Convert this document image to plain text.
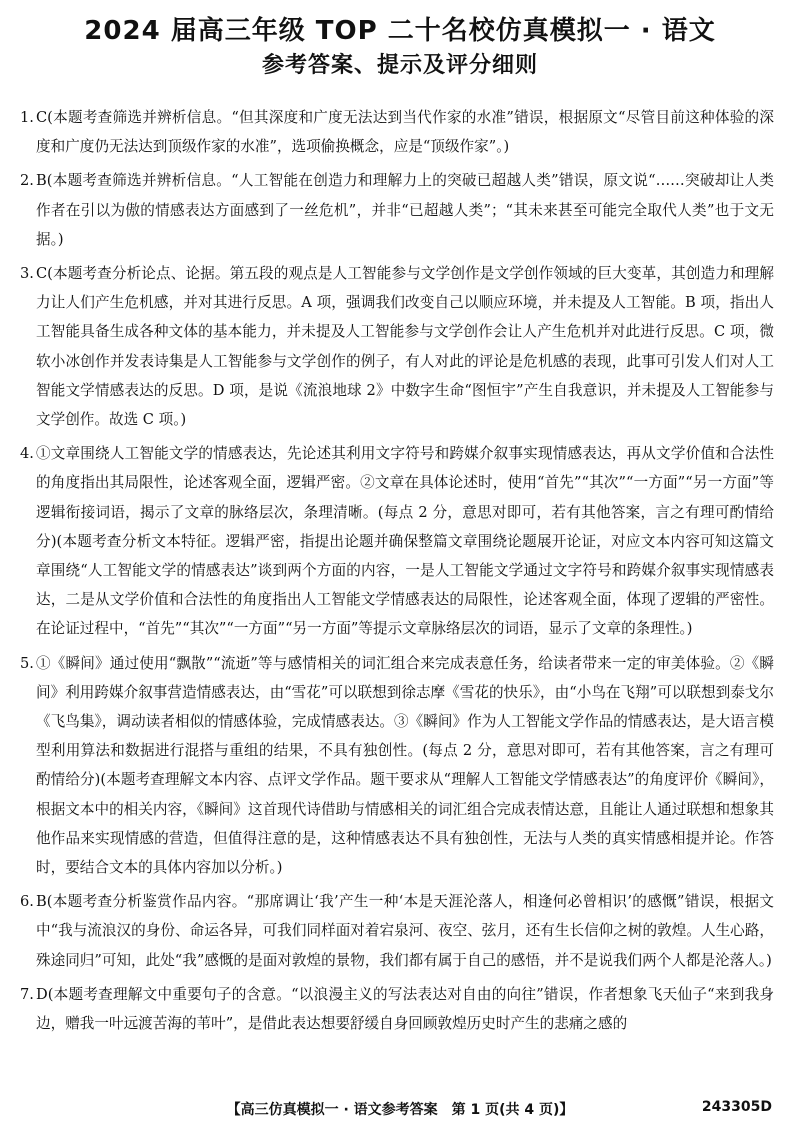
2024 届高三年级 TOP 二十名校仿真模拟一 · 语文
参考答案、提示及评分细则
1. C(本题考查筛选并辨析信息。“但其深度和广度无法达到当代作家的水准”错误，根据原文“尽管目前这种体验的深度和广度仍无法达到顶级作家的水准”，选项偷换概念，应是“顶级作家”。)
2. B(本题考查筛选并辨析信息。“人工智能在创造力和理解力上的突破已超越人类”错误，原文说“……突破却让人类作者在引以为傲的情感表达方面感到了一丝危机”，并非“已超越人类”；“其未来甚至可能完全取代人类”也于文无据。)
3. C(本题考查分析论点、论据。第五段的观点是人工智能参与文学创作是文学创作领域的巨大变革，其创造力和理解力让人们产生危机感，并对其进行反思。A 项，强调我们改变自己以顺应环境，并未提及人工智能。B 项，指出人工智能具备生成各种文体的基本能力，并未提及人工智能参与文学创作会让人产生危机并对此进行反思。C 项，微软小冰创作并发表诗集是人工智能参与文学创作的例子，有人对此的评论是危机感的表现，此事可引发人们对人工智能文学情感表达的反思。D 项，是说《流浪地球 2》中数字生命“图恒宇”产生自我意识，并未提及人工智能参与文学创作。故选 C 项。)
4. ①文章围绕人工智能文学的情感表达，先论述其利用文字符号和跨媒介叙事实现情感表达，再从文学价值和合法性的角度指出其局限性，论述客观全面，逻辑严密。②文章在具体论述时，使用“首先”“其次”“一方面”“另一方面”等逻辑衔接词语，揭示了文章的脉络层次，条理清晰。(每点 2 分，意思对即可，若有其他答案，言之有理可酌情给分)(本题考查分析文本特征。逻辑严密，指提出论题并确保整篇文章围绕论题展开论证，对应文本内容可知这篇文章围绕“人工智能文学的情感表达”谈到两个方面的内容，一是人工智能文学通过文字符号和跨媒介叙事实现情感表达，二是从文学价值和合法性的角度指出人工智能文学情感表达的局限性，论述客观全面，体现了逻辑的严密性。在论证过程中，“首先”“其次”“一方面”“另一方面”等提示文章脉络层次的词语，显示了文章的条理性。)
5. ①《瞬间》通过使用“飘散”“流逝”等与感情相关的词汇组合来完成表意任务，给读者带来一定的审美体验。②《瞬间》利用跨媒介叙事营造情感表达，由“雪花”可以联想到徐志摩《雪花的快乐》，由“小鸟在飞翔”可以联想到泰戈尔《飞鸟集》，调动读者相似的情感体验，完成情感表达。③《瞬间》作为人工智能文学作品的情感表达，是大语言模型利用算法和数据进行混搭与重组的结果，不具有独创性。(每点 2 分，意思对即可，若有其他答案，言之有理可酌情给分)(本题考查理解文本内容、点评文学作品。题干要求从“理解人工智能文学情感表达”的角度评价《瞬间》，根据文本中的相关内容，《瞬间》这首现代诗借助与情感相关的词汇组合完成表情达意，且能让人通过联想和想象其他作品来实现情感的营造，但值得注意的是，这种情感表达不具有独创性，无法与人类的真实情感相提并论。作答时，要结合文本的具体内容加以分析。)
6. B(本题考查分析鉴赏作品内容。“那席调让‘我’产生一种‘本是天涯沦落人，相逢何必曾相识’的感慨”错误，根据文中“我与流浪汉的身份、命运各异，可我们同样面对着宕泉河、夜空、弦月，还有生长信仰之树的敦煌。人生心路，殊途同归”可知，此处“我”感慨的是面对敦煌的景物，我们都有属于自己的感悟，并不是说我们两个人都是沦落人。)
7. D(本题考查理解文中重要句子的含意。“以浪漫主义的写法表达对自由的向往”错误，作者想象飞天仙子“来到我身边，赠我一叶远渡苦海的苇叶”，是借此表达想要舒缓自身回顾敦煌历史时产生的悲痛之感的
【高三仿真模拟一 · 语文参考答案　第 1 页(共 4 页)】	243305D
